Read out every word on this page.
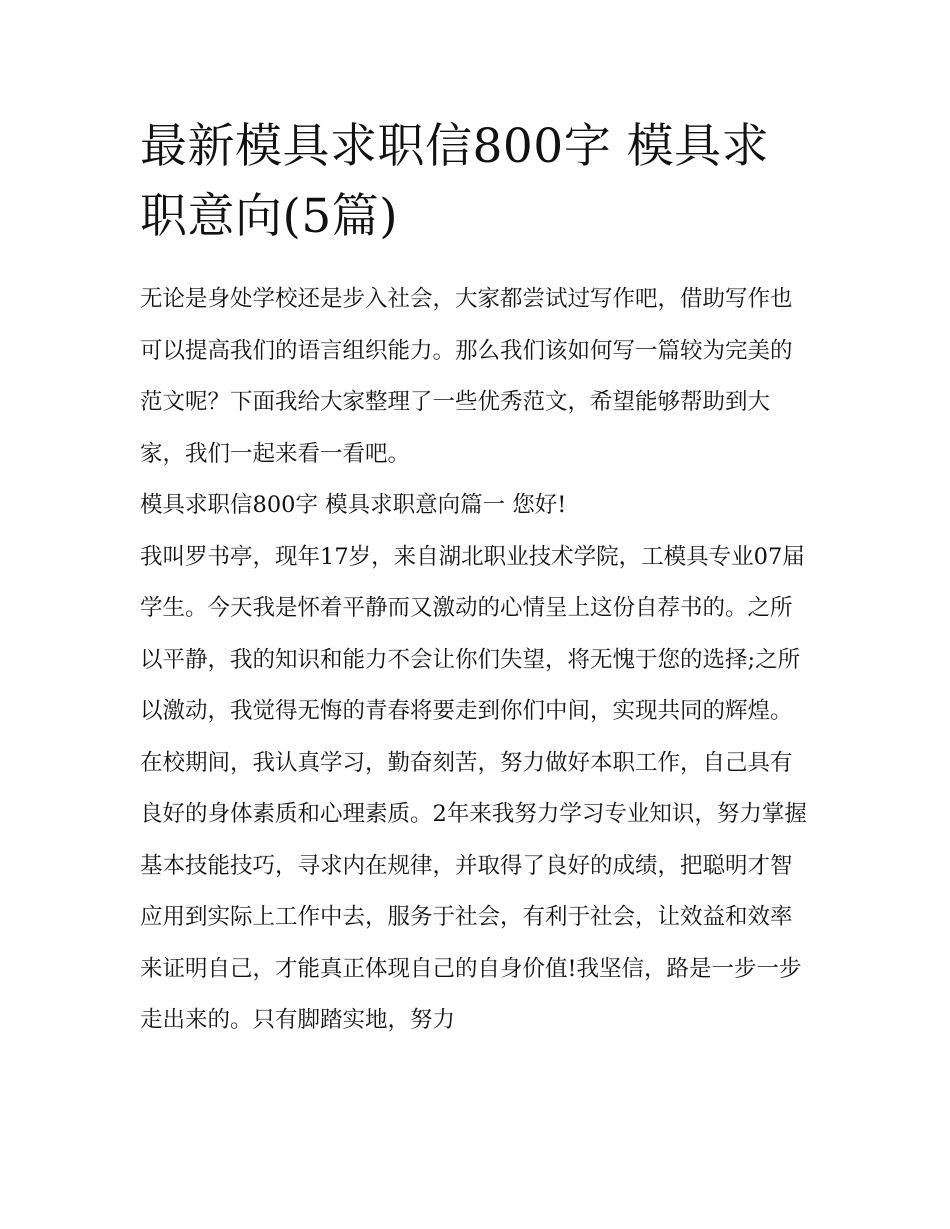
最新模具求职信800字 模具求职意向(5篇)

无论是身处学校还是步入社会，大家都尝试过写作吧，借助写作也可以提高我们的语言组织能力。那么我们该如何写一篇较为完美的范文呢？下面我给大家整理了一些优秀范文，希望能够帮助到大家，我们一起来看一看吧。

模具求职信800字 模具求职意向篇一 您好!

我叫罗书亭，现年17岁，来自湖北职业技术学院，工模具专业07届学生。今天我是怀着平静而又激动的心情呈上这份自荐书的。之所以平静，我的知识和能力不会让你们失望，将无愧于您的选择;之所以激动，我觉得无悔的青春将要走到你们中间，实现共同的辉煌。

在校期间，我认真学习，勤奋刻苦，努力做好本职工作，自己具有良好的身体素质和心理素质。2年来我努力学习专业知识，努力掌握基本技能技巧，寻求内在规律，并取得了良好的成绩，把聪明才智应用到实际上工作中去，服务于社会，有利于社会，让效益和效率来证明自己，才能真正体现自己的自身价值!我坚信，路是一步一步走出来的。只有脚踏实地，努力
